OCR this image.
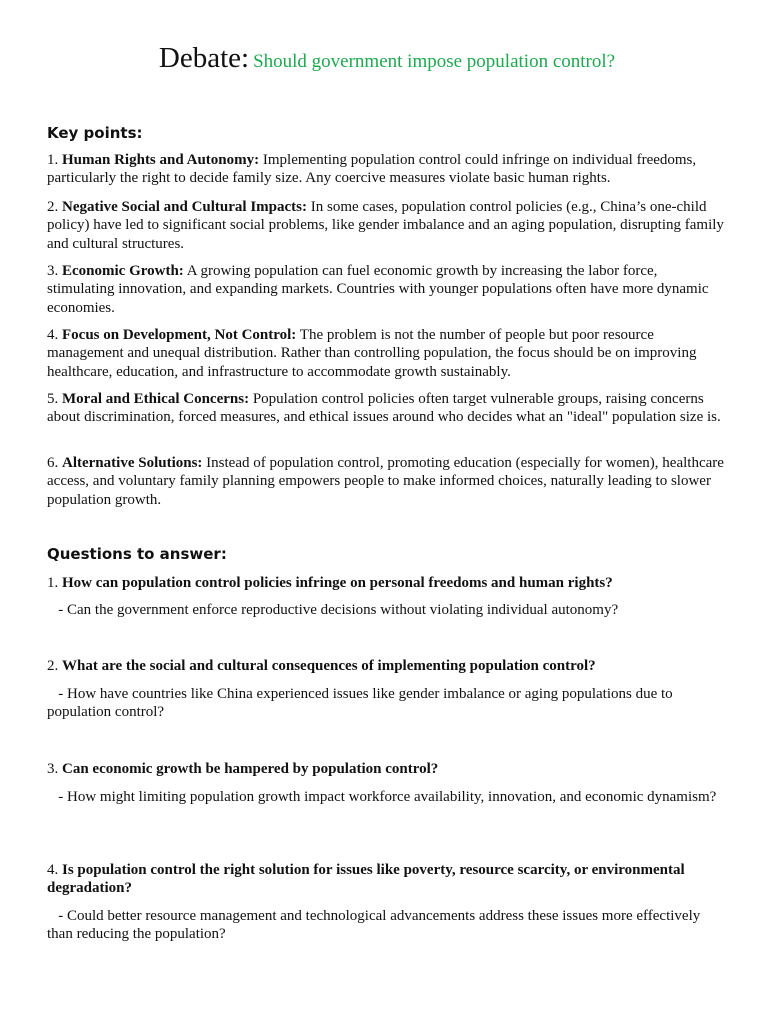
Debate: Should government impose population control?
Key points:
1. Human Rights and Autonomy: Implementing population control could infringe on individual freedoms, particularly the right to decide family size. Any coercive measures violate basic human rights.
2. Negative Social and Cultural Impacts: In some cases, population control policies (e.g., China’s one-child policy) have led to significant social problems, like gender imbalance and an aging population, disrupting family and cultural structures.
3. Economic Growth: A growing population can fuel economic growth by increasing the labor force, stimulating innovation, and expanding markets. Countries with younger populations often have more dynamic economies.
4. Focus on Development, Not Control: The problem is not the number of people but poor resource management and unequal distribution. Rather than controlling population, the focus should be on improving healthcare, education, and infrastructure to accommodate growth sustainably.
5. Moral and Ethical Concerns: Population control policies often target vulnerable groups, raising concerns about discrimination, forced measures, and ethical issues around who decides what an "ideal" population size is.
6. Alternative Solutions: Instead of population control, promoting education (especially for women), healthcare access, and voluntary family planning empowers people to make informed choices, naturally leading to slower population growth.
Questions to answer:
1. How can population control policies infringe on personal freedoms and human rights?
- Can the government enforce reproductive decisions without violating individual autonomy?
2. What are the social and cultural consequences of implementing population control?
- How have countries like China experienced issues like gender imbalance or aging populations due to population control?
3. Can economic growth be hampered by population control?
- How might limiting population growth impact workforce availability, innovation, and economic dynamism?
4. Is population control the right solution for issues like poverty, resource scarcity, or environmental degradation?
- Could better resource management and technological advancements address these issues more effectively than reducing the population?
